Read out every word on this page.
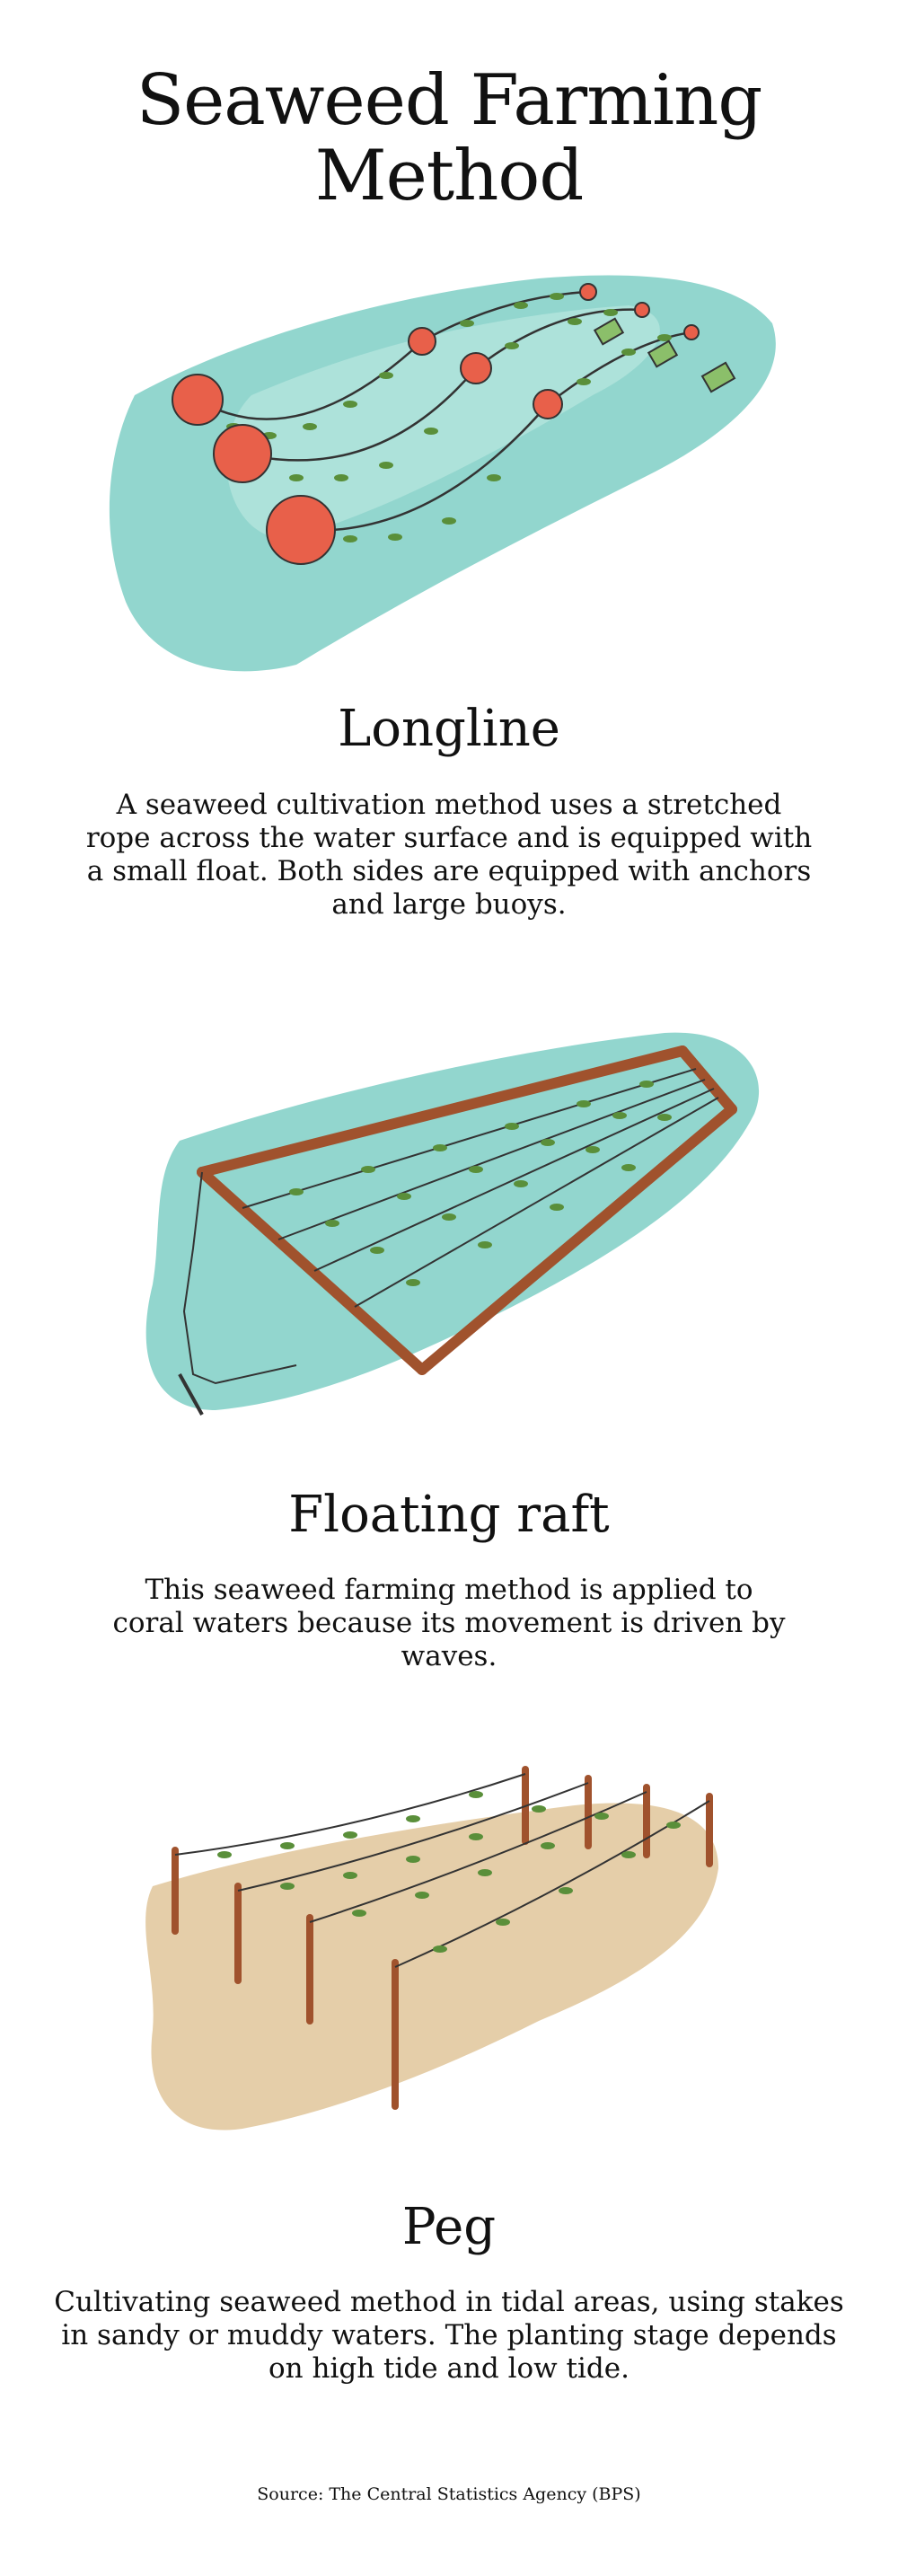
Seaweed Farming
Method
Longline

A seaweed cultivation method uses a stretched rope across the water surface and is equipped with a small float. Both sides are equipped with anchors and large buoys.

Floating raft

This seaweed farming method is applied to coral waters because its movement is driven by waves.

Peg

Cultivating seaweed method in tidal areas, using stakes in sandy or muddy waters. The planting stage depends on high tide and low tide.

Source: The Central Statistics Agency (BPS)
